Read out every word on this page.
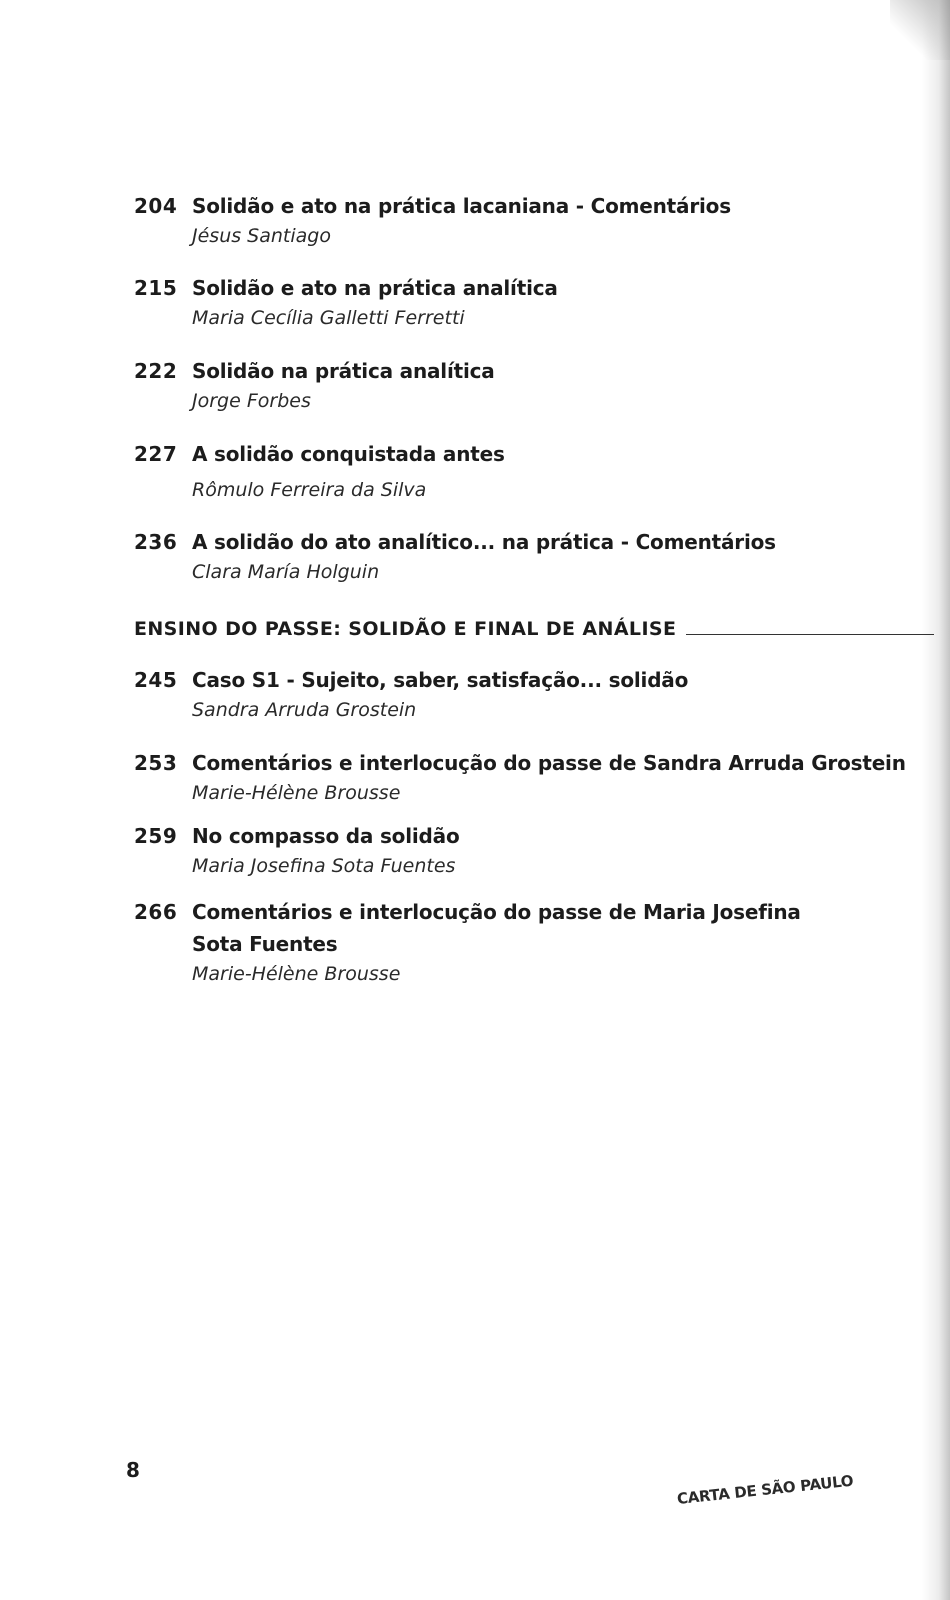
204 Solidão e ato na prática lacaniana - Comentários
Jésus Santiago
215 Solidão e ato na prática analítica
Maria Cecília Galletti Ferretti
222 Solidão na prática analítica
Jorge Forbes
227 A solidão conquistada antes
Rômulo Ferreira da Silva
236 A solidão do ato analítico... na prática - Comentários
Clara María Holguin
ENSINO DO PASSE: SOLIDÃO E FINAL DE ANÁLISE
245 Caso S1 - Sujeito, saber, satisfação... solidão
Sandra Arruda Grostein
253 Comentários e interlocução do passe de Sandra Arruda Grostein
Marie-Hélène Brousse
259 No compasso da solidão
Maria Josefina Sota Fuentes
266 Comentários e interlocução do passe de Maria Josefina Sota Fuentes
Marie-Hélène Brousse
8
CARTA DE SÃO PAULO
